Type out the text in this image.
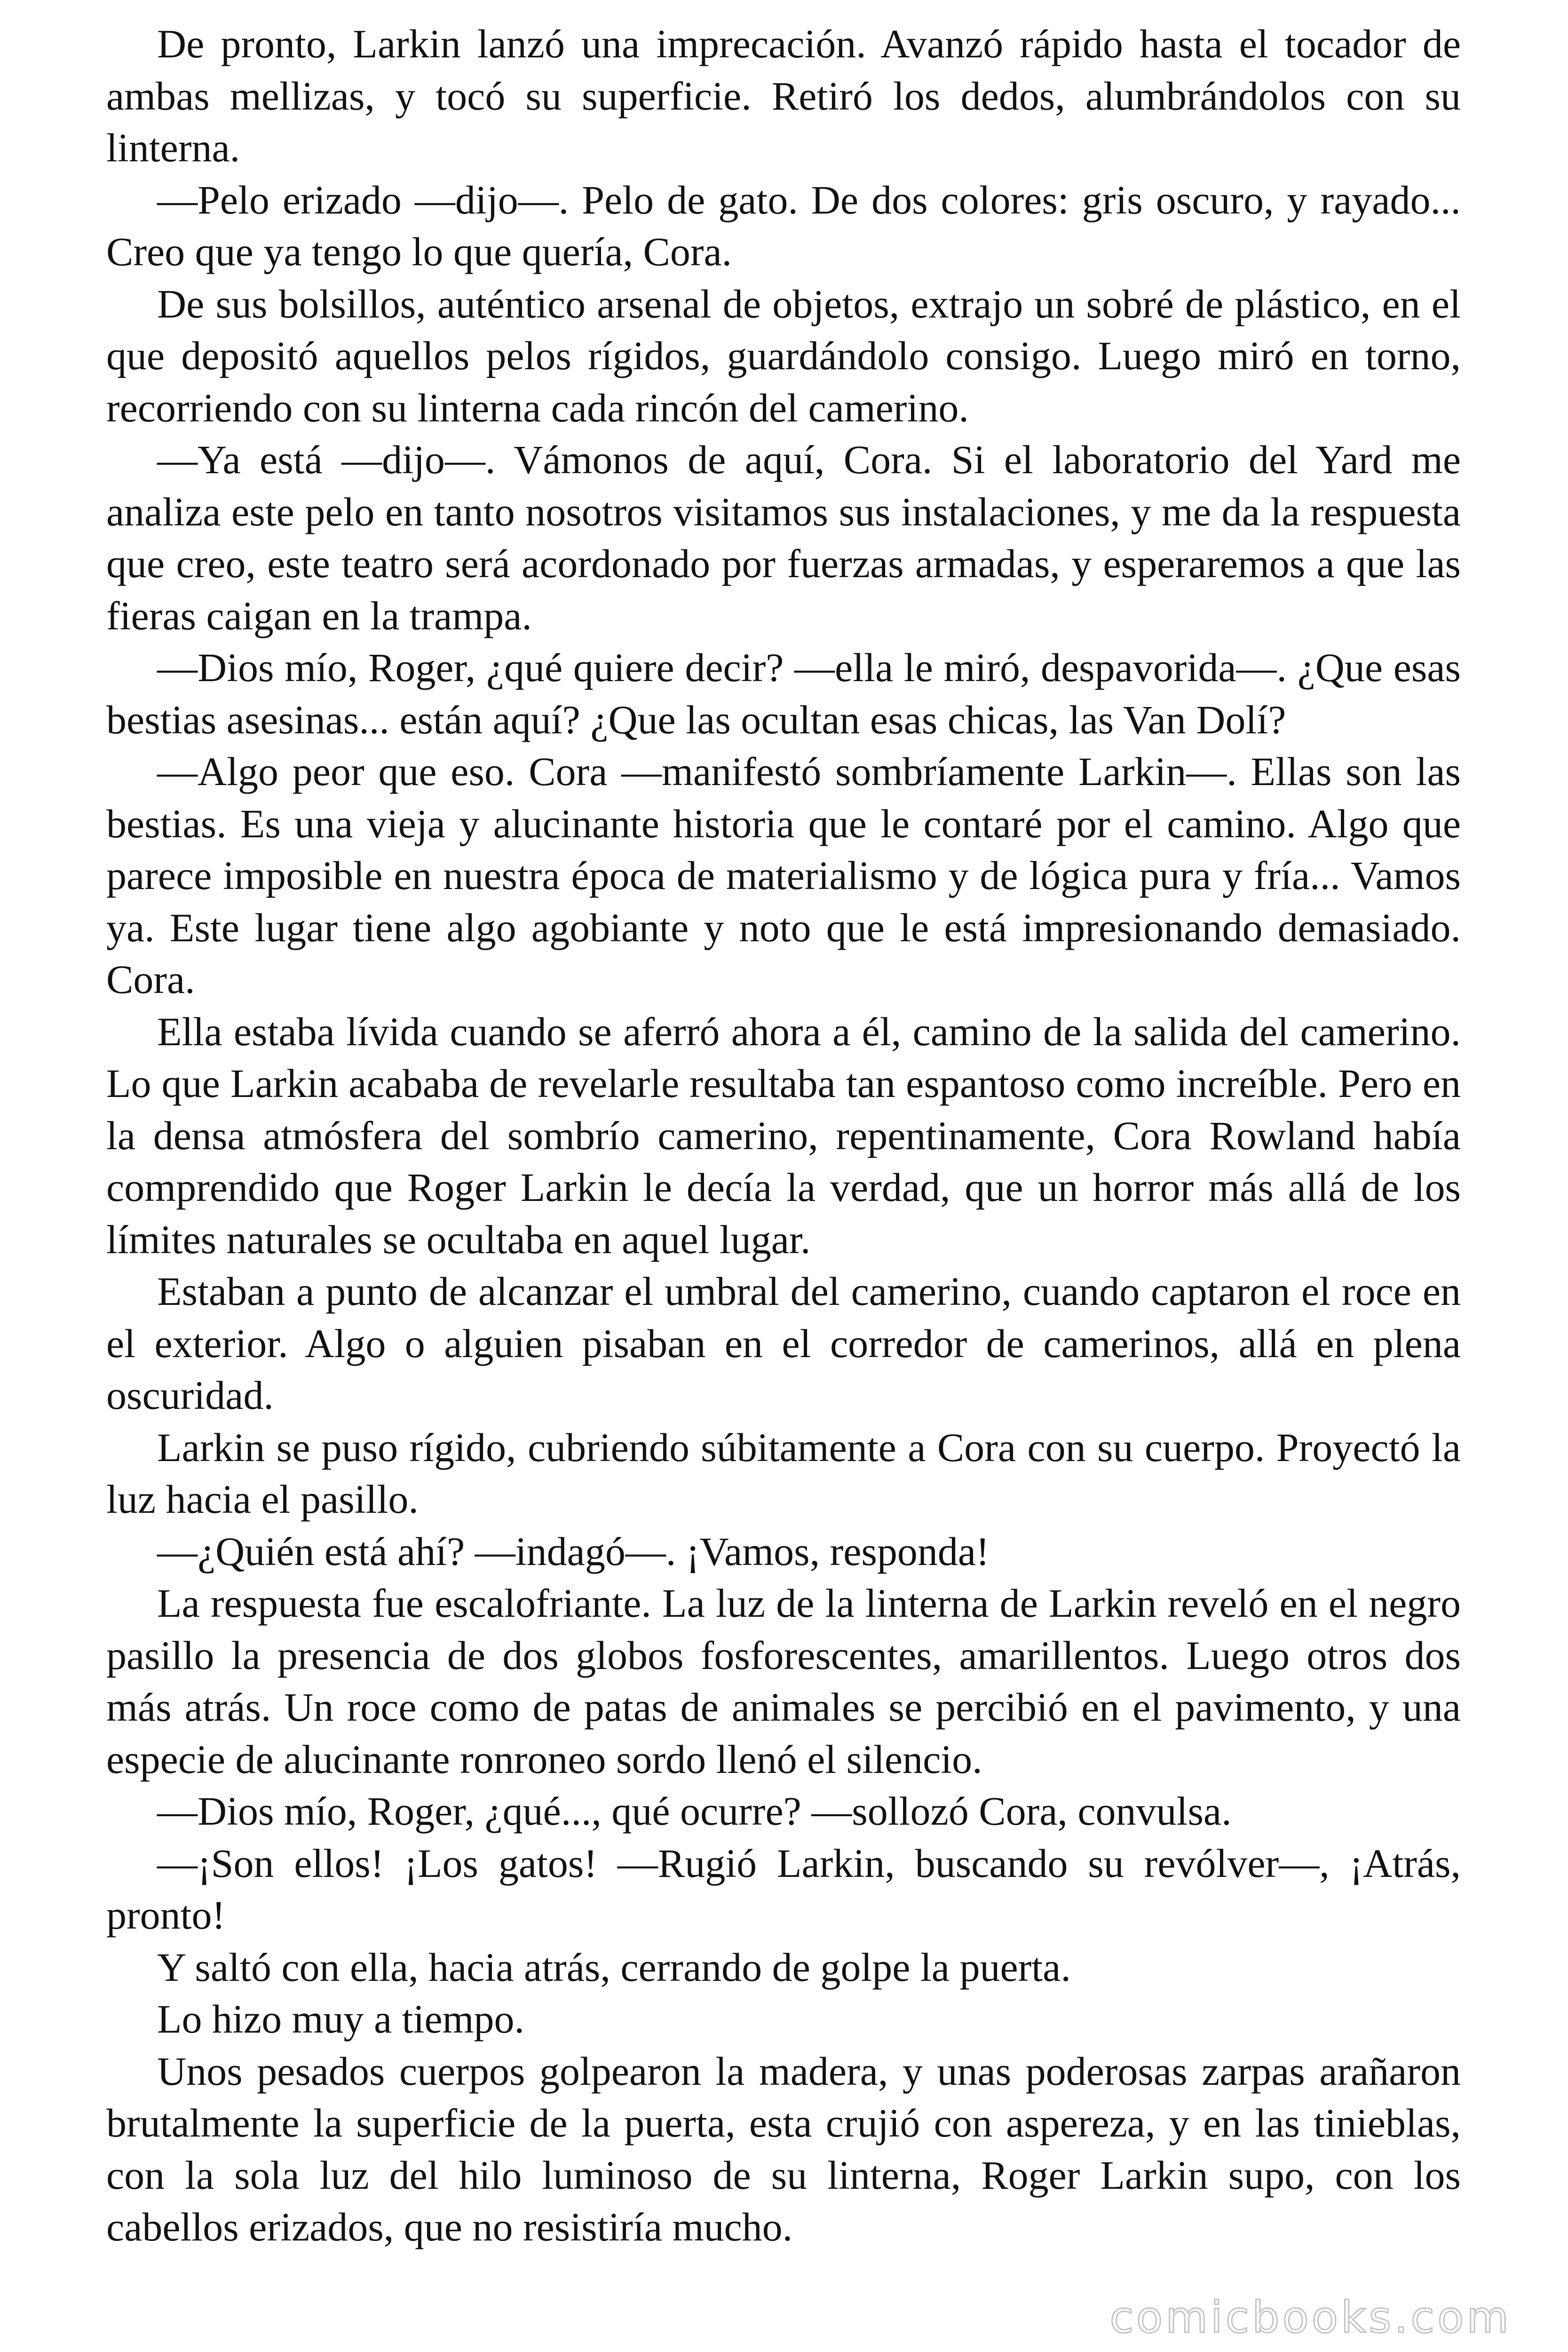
De pronto, Larkin lanzó una imprecación. Avanzó rápido hasta el tocador de ambas mellizas, y tocó su superficie. Retiró los dedos, alumbrándolos con su linterna.

—Pelo erizado —dijo—. Pelo de gato. De dos colores: gris oscuro, y rayado... Creo que ya tengo lo que quería, Cora.

De sus bolsillos, auténtico arsenal de objetos, extrajo un sobré de plástico, en el que depositó aquellos pelos rígidos, guardándolo consigo. Luego miró en torno, recorriendo con su linterna cada rincón del camerino.

—Ya está —dijo—. Vámonos de aquí, Cora. Si el laboratorio del Yard me analiza este pelo en tanto nosotros visitamos sus instalaciones, y me da la respuesta que creo, este teatro será acordonado por fuerzas armadas, y esperaremos a que las fieras caigan en la trampa.

—Dios mío, Roger, ¿qué quiere decir? —ella le miró, despavorida—. ¿Que esas bestias asesinas... están aquí? ¿Que las ocultan esas chicas, las Van Dolí?

—Algo peor que eso. Cora —manifestó sombríamente Larkin—. Ellas son las bestias. Es una vieja y alucinante historia que le contaré por el camino. Algo que parece imposible en nuestra época de materialismo y de lógica pura y fría... Vamos ya. Este lugar tiene algo agobiante y noto que le está impresionando demasiado. Cora.

Ella estaba lívida cuando se aferró ahora a él, camino de la salida del camerino. Lo que Larkin acababa de revelarle resultaba tan espantoso como increíble. Pero en la densa atmósfera del sombrío camerino, repentinamente, Cora Rowland había comprendido que Roger Larkin le decía la verdad, que un horror más allá de los límites naturales se ocultaba en aquel lugar.

Estaban a punto de alcanzar el umbral del camerino, cuando captaron el roce en el exterior. Algo o alguien pisaban en el corredor de camerinos, allá en plena oscuridad.

Larkin se puso rígido, cubriendo súbitamente a Cora con su cuerpo. Proyectó la luz hacia el pasillo.

—¿Quién está ahí? —indagó—. ¡Vamos, responda!

La respuesta fue escalofriante. La luz de la linterna de Larkin reveló en el negro pasillo la presencia de dos globos fosforescentes, amarillentos. Luego otros dos más atrás. Un roce como de patas de animales se percibió en el pavimento, y una especie de alucinante ronroneo sordo llenó el silencio.

—Dios mío, Roger, ¿qué..., qué ocurre? —sollozó Cora, convulsa.

—¡Son ellos! ¡Los gatos! —Rugió Larkin, buscando su revólver—, ¡Atrás, pronto!

Y saltó con ella, hacia atrás, cerrando de golpe la puerta.

Lo hizo muy a tiempo.

Unos pesados cuerpos golpearon la madera, y unas poderosas zarpas arañaron brutalmente la superficie de la puerta, esta crujió con aspereza, y en las tinieblas, con la sola luz del hilo luminoso de su linterna, Roger Larkin supo, con los cabellos erizados, que no resistiría mucho.

comicbooks.com
